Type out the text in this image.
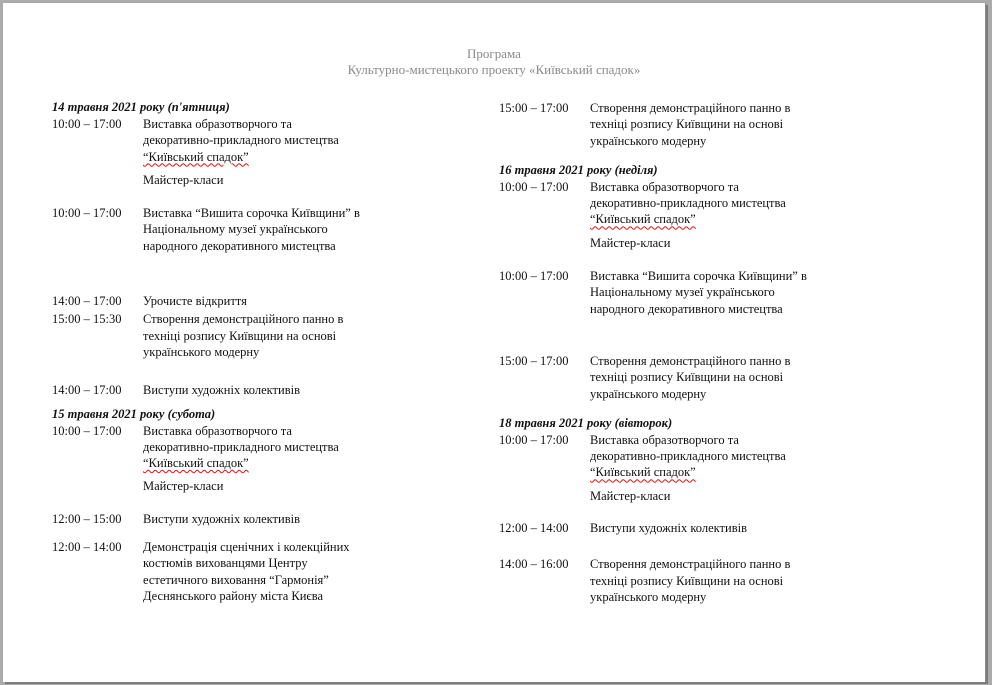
Програма
Культурно-мистецького проекту «Київський спадок»
14 травня 2021 року (п'ятниця)
10:00 – 17:00	Виставка образотворчого та
декоративно-прикладного мистецтва
“Київський спадок”
Майстер-класи
10:00 – 17:00	Виставка “Вишита сорочка Київщини” в
Національному музеї українського
народного декоративного мистецтва
14:00 – 17:00	Урочисте відкриття
15:00 – 15:30	Створення демонстраційного панно в
техніці розпису Київщини на основі
українського модерну
14:00 – 17:00	Виступи художніх колективів
15 травня 2021 року (субота)
10:00 – 17:00	Виставка образотворчого та
декоративно-прикладного мистецтва
“Київський спадок”
Майстер-класи
12:00 – 15:00	Виступи художніх колективів
12:00 – 14:00	Демонстрація сценічних і колекційних
костюмів вихованцями Центру
естетичного виховання “Гармонія”
Деснянського району міста Києва
15:00 – 17:00	Створення демонстраційного панно в
техніці розпису Київщини на основі
українського модерну
16 травня 2021 року (неділя)
10:00 – 17:00	Виставка образотворчого та
декоративно-прикладного мистецтва
“Київський спадок”
Майстер-класи
10:00 – 17:00	Виставка “Вишита сорочка Київщини” в
Національному музеї українського
народного декоративного мистецтва
15:00 – 17:00	Створення демонстраційного панно в
техніці розпису Київщини на основі
українського модерну
18 травня 2021 року (вівторок)
10:00 – 17:00	Виставка образотворчого та
декоративно-прикладного мистецтва
“Київський спадок”
Майстер-класи
12:00 – 14:00	Виступи художніх колективів
14:00 – 16:00	Створення демонстраційного панно в
техніці розпису Київщини на основі
українського модерну
